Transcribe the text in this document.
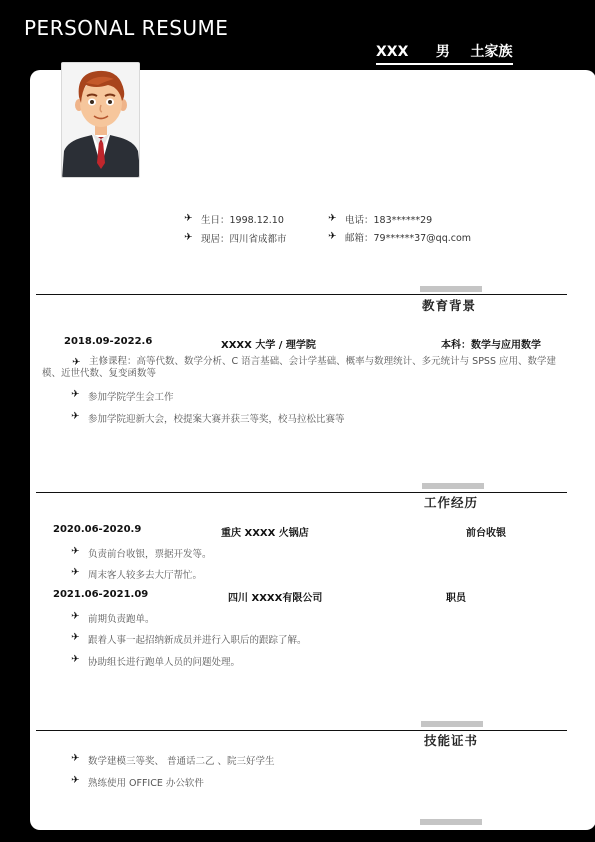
PERSONAL RESUME
XXX    男   土家族
✈ 生日：1998.12.10	✈ 电话：183******29
✈ 现居：四川省成都市	✈ 邮箱：79******37@qq.com
教育背景
2018.09-2022.6	XXXX 大学 / 理学院	本科：数学与应用数学
✈ 主修课程：高等代数、数学分析、C 语言基础、会计学基础、概率与数理统计、多元统计与 SPSS 应用、数学建模、近世代数、复变函数等
✈ 参加学院学生会工作
✈ 参加学院迎新大会，校提案大赛并获三等奖，校马拉松比赛等
工作经历
2020.06-2020.9	重庆 XXXX 火锅店	前台收银
✈ 负责前台收银，票据开发等。
✈ 周末客人较多去大厅帮忙。
2021.06-2021.09	四川 XXXX有限公司	职员
✈ 前期负责跑单。
✈ 跟着人事一起招纳新成员并进行入职后的跟踪了解。
✈ 协助组长进行跑单人员的问题处理。
技能证书
✈ 数学建模三等奖、 普通话二乙 、院三好学生
✈ 熟练使用 OFFICE 办公软件
